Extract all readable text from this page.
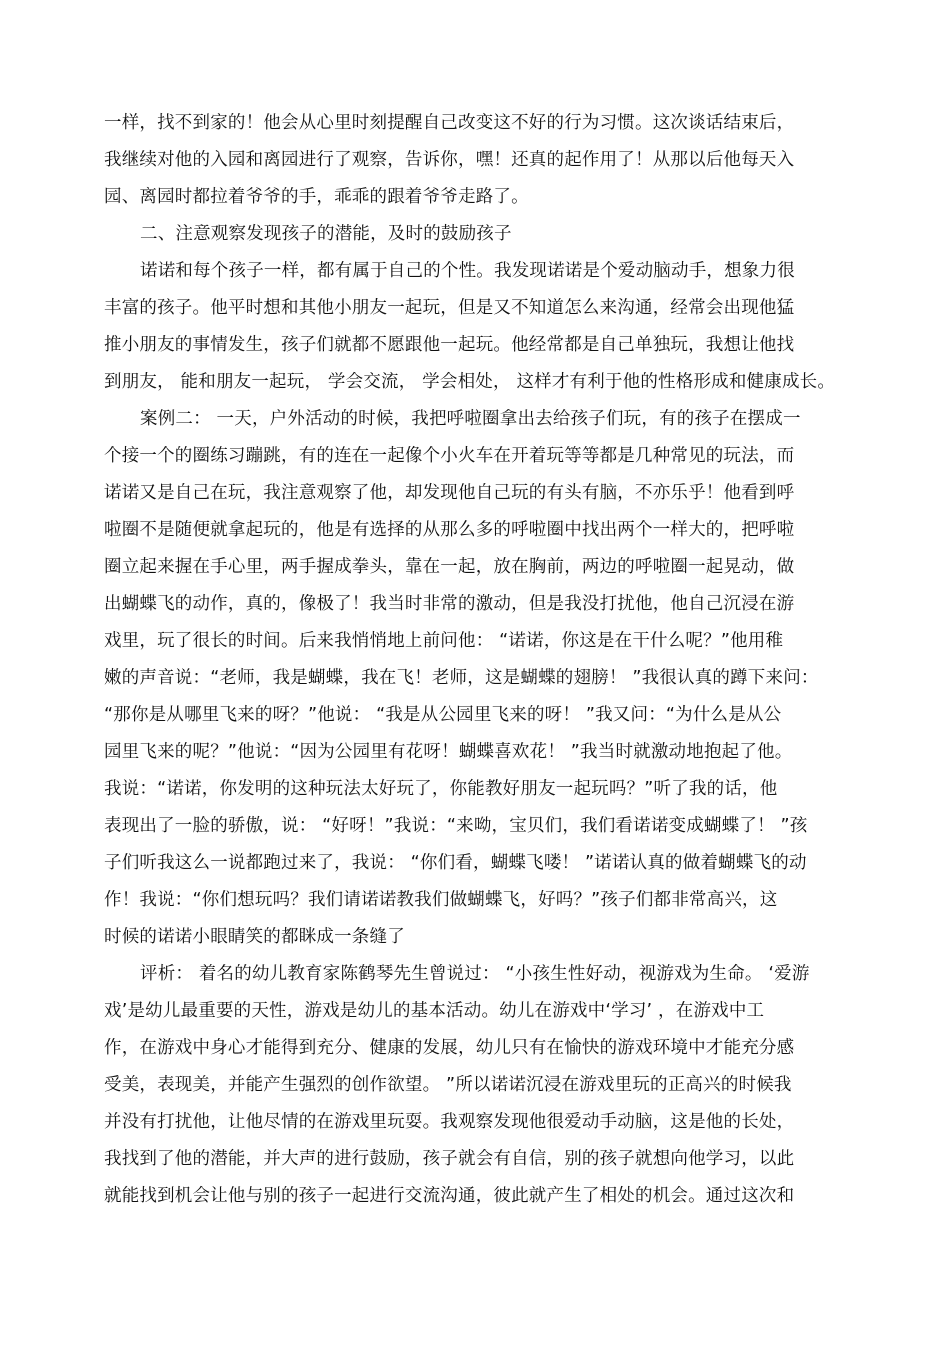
一样，找不到家的！他会从心里时刻提醒自己改变这不好的行为习惯。这次谈话结束后，
我继续对他的入园和离园进行了观察，告诉你，嘿！还真的起作用了！从那以后他每天入
园、离园时都拉着爷爷的手，乖乖的跟着爷爷走路了。
二、注意观察发现孩子的潜能，及时的鼓励孩子
诺诺和每个孩子一样，都有属于自己的个性。我发现诺诺是个爱动脑动手，想象力很
丰富的孩子。他平时想和其他小朋友一起玩，但是又不知道怎么来沟通，经常会出现他猛
推小朋友的事情发生，孩子们就都不愿跟他一起玩。他经常都是自己单独玩，我想让他找
到朋友， 能和朋友一起玩， 学会交流， 学会相处， 这样才有利于他的性格形成和健康成长。
案例二： 一天，户外活动的时候，我把呼啦圈拿出去给孩子们玩，有的孩子在摆成一
个接一个的圈练习蹦跳，有的连在一起像个小火车在开着玩等等都是几种常见的玩法，而
诺诺又是自己在玩，我注意观察了他，却发现他自己玩的有头有脑，不亦乐乎！他看到呼
啦圈不是随便就拿起玩的，他是有选择的从那么多的呼啦圈中找出两个一样大的，把呼啦
圈立起来握在手心里，两手握成拳头，靠在一起，放在胸前，两边的呼啦圈一起晃动，做
出蝴蝶飞的动作，真的，像极了！我当时非常的激动，但是我没打扰他，他自己沉浸在游
戏里，玩了很长的时间。后来我悄悄地上前问他： “诺诺，你这是在干什么呢？”他用稚
嫩的声音说：“老师，我是蝴蝶，我在飞！老师，这是蝴蝶的翅膀！ ”我很认真的蹲下来问：
“那你是从哪里飞来的呀？”他说： “我是从公园里飞来的呀！ ”我又问：“为什么是从公
园里飞来的呢？”他说：“因为公园里有花呀！蝴蝶喜欢花！ ”我当时就激动地抱起了他。
我说：“诺诺，你发明的这种玩法太好玩了，你能教好朋友一起玩吗？”听了我的话，他
表现出了一脸的骄傲，说： “好呀！”我说：“来呦，宝贝们，我们看诺诺变成蝴蝶了！ ”孩
子们听我这么一说都跑过来了，我说： “你们看，蝴蝶飞喽！ ”诺诺认真的做着蝴蝶飞的动
作！我说：“你们想玩吗？我们请诺诺教我们做蝴蝶飞，好吗？”孩子们都非常高兴，这
时候的诺诺小眼睛笑的都眯成一条缝了
评析： 着名的幼儿教育家陈鹤琴先生曾说过： “小孩生性好动，视游戏为生命。 ‘爱游
戏’是幼儿最重要的天性，游戏是幼儿的基本活动。幼儿在游戏中‘学习’ ，在游戏中工
作，在游戏中身心才能得到充分、健康的发展，幼儿只有在愉快的游戏环境中才能充分感
受美，表现美，并能产生强烈的创作欲望。 ”所以诺诺沉浸在游戏里玩的正高兴的时候我
并没有打扰他，让他尽情的在游戏里玩耍。我观察发现他很爱动手动脑，这是他的长处，
我找到了他的潜能，并大声的进行鼓励，孩子就会有自信，别的孩子就想向他学习，以此
就能找到机会让他与别的孩子一起进行交流沟通，彼此就产生了相处的机会。通过这次和
